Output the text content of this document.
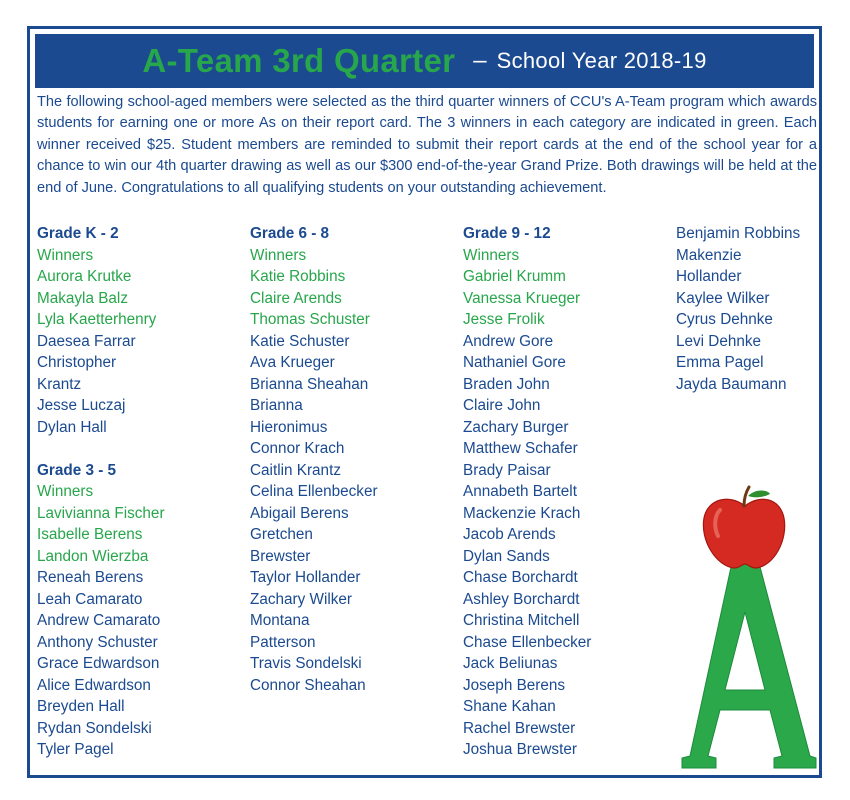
A-Team 3rd Quarter – School Year 2018-19
The following school-aged members were selected as the third quarter winners of CCU's A-Team program which awards students for earning one or more As on their report card. The 3 winners in each category are indicated in green. Each winner received $25. Student members are reminded to submit their report cards at the end of the school year for a chance to win our 4th quarter drawing as well as our $300 end-of-the-year Grand Prize. Both drawings will be held at the end of June. Congratulations to all qualifying students on your outstanding achievement.
Grade K - 2
Winners
Aurora Krutke
Makayla Balz
Lyla Kaetterhenry
Daesea Farrar
Christopher
Krantz
Jesse Luczaj
Dylan Hall
Grade 3 - 5
Winners
Lavivianna Fischer
Isabelle Berens
Landon Wierzba
Reneah Berens
Leah Camarato
Andrew Camarato
Anthony Schuster
Grace Edwardson
Alice Edwardson
Breyden Hall
Rydan Sondelski
Tyler Pagel
Grade 6 - 8
Winners
Katie Robbins
Claire Arends
Thomas Schuster
Katie Schuster
Ava Krueger
Brianna Sheahan
Brianna
Hieronimus
Connor Krach
Caitlin Krantz
Celina Ellenbecker
Abigail Berens
Gretchen
Brewster
Taylor Hollander
Zachary Wilker
Montana
Patterson
Travis Sondelski
Connor Sheahan
Grade 9 - 12
Winners
Gabriel Krumm
Vanessa Krueger
Jesse Frolik
Andrew Gore
Nathaniel Gore
Braden John
Claire John
Zachary Burger
Matthew Schafer
Brady Paisar
Annabeth Bartelt
Mackenzie Krach
Jacob Arends
Dylan Sands
Chase Borchardt
Ashley Borchardt
Christina Mitchell
Chase Ellenbecker
Jack Beliunas
Joseph Berens
Shane Kahan
Rachel Brewster
Joshua Brewster
Benjamin Robbins
Makenzie
Hollander
Kaylee Wilker
Cyrus Dehnke
Levi Dehnke
Emma Pagel
Jayda Baumann
